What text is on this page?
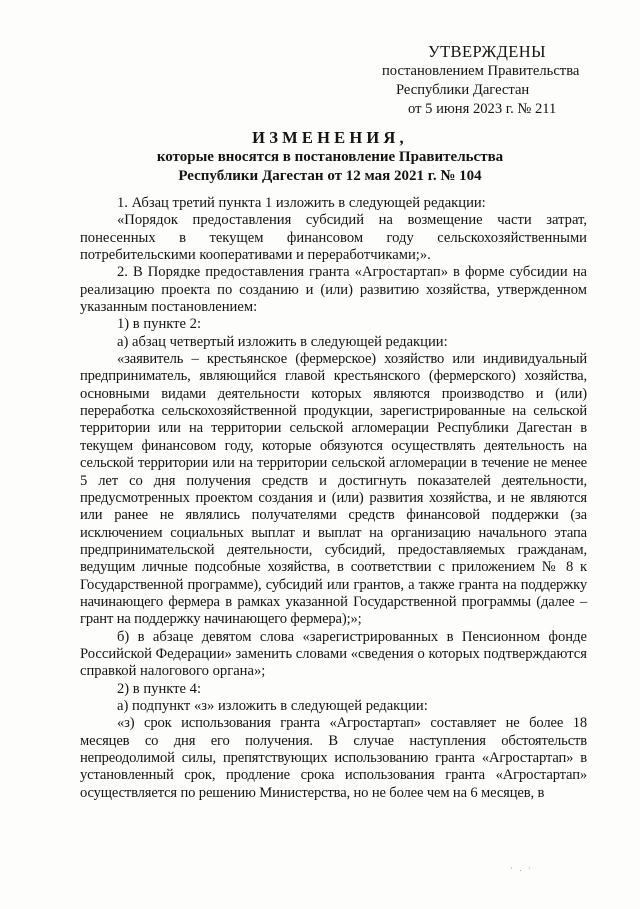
УТВЕРЖДЕНЫ
постановлением Правительства
Республики Дагестан
от 5 июня 2023 г. № 211
ИЗМЕНЕНИЯ,
которые вносятся в постановление Правительства
Республики Дагестан от 12 мая 2021 г. № 104

1. Абзац третий пункта 1 изложить в следующей редакции:

«Порядок предоставления субсидий на возмещение части затрат, понесенных в текущем финансовом году сельскохозяйственными потребительскими кооперативами и переработчиками;».

2. В Порядке предоставления гранта «Агростартап» в форме субсидии на реализацию проекта по созданию и (или) развитию хозяйства, утвержденном указанным постановлением:

1) в пункте 2:

а) абзац четвертый изложить в следующей редакции:

«заявитель – крестьянское (фермерское) хозяйство или индивидуальный предприниматель, являющийся главой крестьянского (фермерского) хозяйства, основными видами деятельности которых являются производство и (или) переработка сельскохозяйственной продукции, зарегистрированные на сельской территории или на территории сельской агломерации Республики Дагестан в текущем финансовом году, которые обязуются осуществлять деятельность на сельской территории или на территории сельской агломерации в течение не менее 5 лет со дня получения средств и достигнуть показателей деятельности, предусмотренных проектом создания и (или) развития хозяйства, и не являются или ранее не являлись получателями средств финансовой поддержки (за исключением социальных выплат и выплат на организацию начального этапа предпринимательской деятельности, субсидий, предоставляемых гражданам, ведущим личные подсобные хозяйства, в соответствии с приложением № 8 к Государственной программе), субсидий или грантов, а также гранта на поддержку начинающего фермера в рамках указанной Государственной программы (далее – грант на поддержку начинающего фермера);»;

б) в абзаце девятом слова «зарегистрированных в Пенсионном фонде Российской Федерации» заменить словами «сведения о которых подтверждаются справкой налогового органа»;

2) в пункте 4:

а) подпункт «з» изложить в следующей редакции:

«з) срок использования гранта «Агростартап» составляет не более 18 месяцев со дня его получения. В случае наступления обстоятельств непреодолимой силы, препятствующих использованию гранта «Агростартап» в установленный срок, продление срока использования гранта «Агростартап» осуществляется по решению Министерства, но не более чем на 6 месяцев, в

· . ·
